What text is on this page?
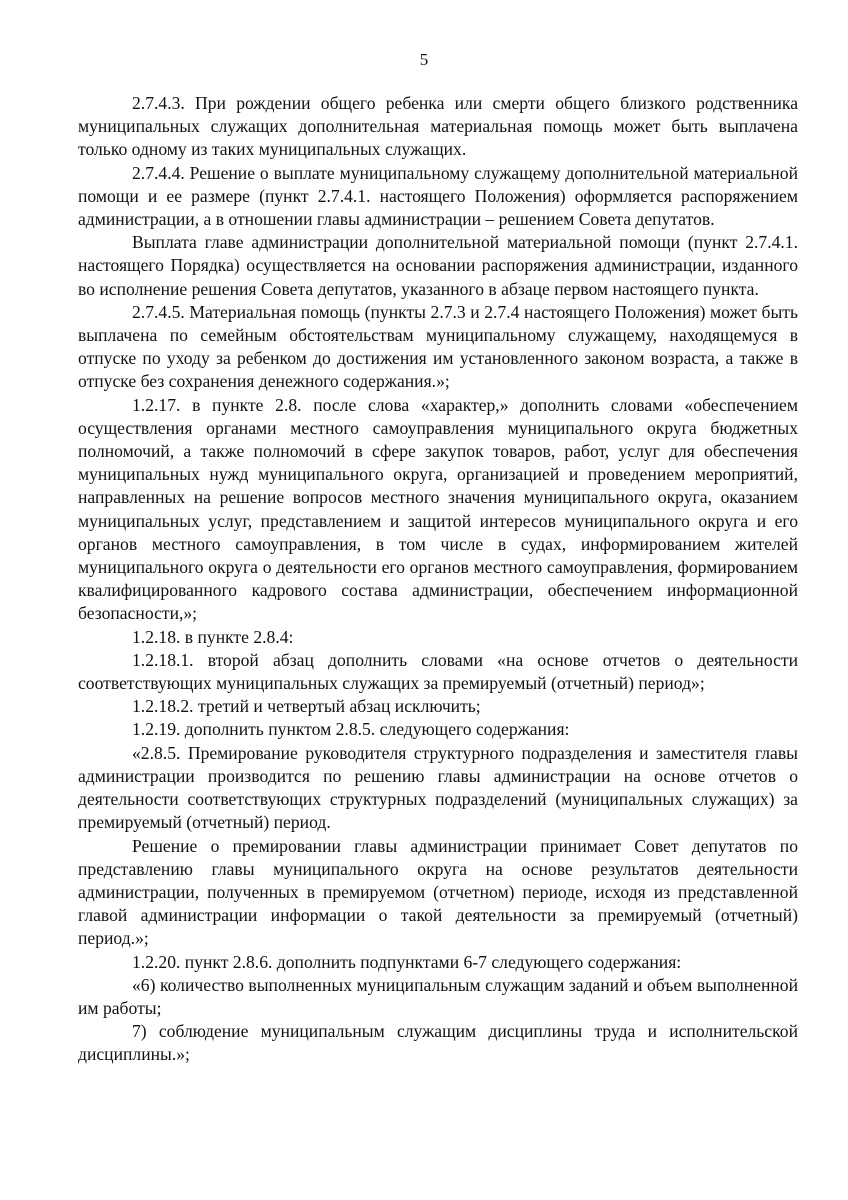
5

2.7.4.3. При рождении общего ребенка или смерти общего близкого родственника муниципальных служащих дополнительная материальная помощь может быть выплачена только одному из таких муниципальных служащих.

2.7.4.4. Решение о выплате муниципальному служащему дополнительной материальной помощи и ее размере (пункт 2.7.4.1. настоящего Положения) оформляется распоряжением администрации, а в отношении главы администрации – решением Совета депутатов.

Выплата главе администрации дополнительной материальной помощи (пункт 2.7.4.1. настоящего Порядка) осуществляется на основании распоряжения администрации, изданного во исполнение решения Совета депутатов, указанного в абзаце первом настоящего пункта.

2.7.4.5. Материальная помощь (пункты 2.7.3 и 2.7.4 настоящего Положения) может быть выплачена по семейным обстоятельствам муниципальному служащему, находящемуся в отпуске по уходу за ребенком до достижения им установленного законом возраста, а также в отпуске без сохранения денежного содержания.»;

1.2.17. в пункте 2.8. после слова «характер,» дополнить словами «обеспечением осуществления органами местного самоуправления муниципального округа бюджетных полномочий, а также полномочий в сфере закупок товаров, работ, услуг для обеспечения муниципальных нужд муниципального округа, организацией и проведением мероприятий, направленных на решение вопросов местного значения муниципального округа, оказанием муниципальных услуг, представлением и защитой интересов муниципального округа и его органов местного самоуправления, в том числе в судах, информированием жителей муниципального округа о деятельности его органов местного самоуправления, формированием квалифицированного кадрового состава администрации, обеспечением информационной безопасности,»;

1.2.18. в пункте 2.8.4:

1.2.18.1. второй абзац дополнить словами «на основе отчетов о деятельности соответствующих муниципальных служащих за премируемый (отчетный) период»;

1.2.18.2. третий и четвертый абзац исключить;

1.2.19. дополнить пунктом 2.8.5. следующего содержания:

«2.8.5. Премирование руководителя структурного подразделения и заместителя главы администрации производится по решению главы администрации на основе отчетов о деятельности соответствующих структурных подразделений (муниципальных служащих) за премируемый (отчетный) период.

Решение о премировании главы администрации принимает Совет депутатов по представлению главы муниципального округа на основе результатов деятельности администрации, полученных в премируемом (отчетном) периоде, исходя из представленной главой администрации информации о такой деятельности за премируемый (отчетный) период.»;

1.2.20. пункт 2.8.6. дополнить подпунктами 6-7 следующего содержания:

«6) количество выполненных муниципальным служащим заданий и объем выполненной им работы;

7) соблюдение муниципальным служащим дисциплины труда и исполнительской дисциплины.»;
